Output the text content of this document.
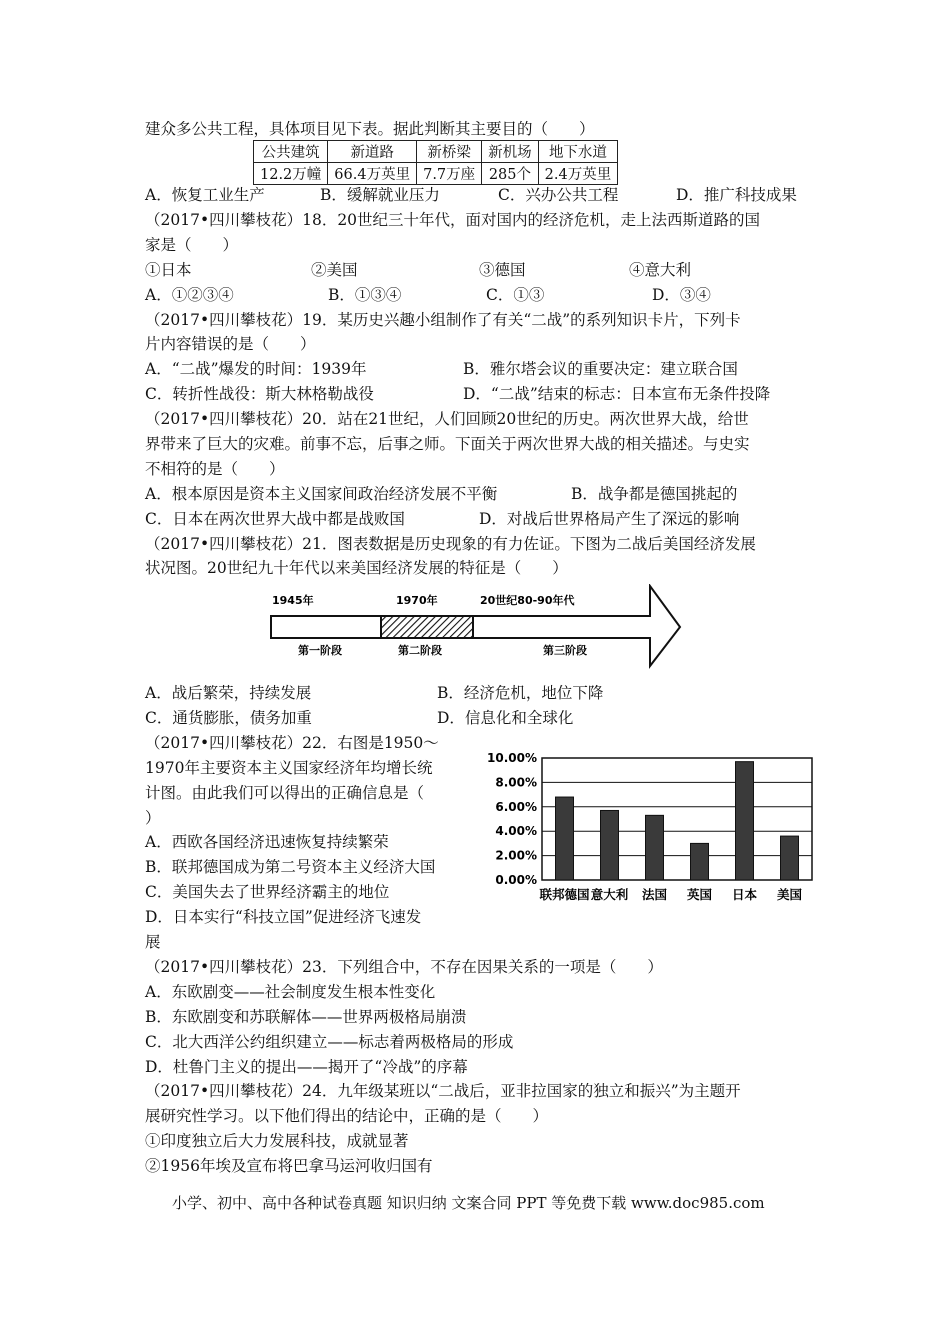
建众多公共工程，具体项目见下表。据此判断其主要目的（　　）
公共建筑	新道路	新桥梁	新机场	地下水道
12.2万幢	66.4万英里	7.7万座	285个	2.4万英里
A．恢复工业生产	B．缓解就业压力	C．兴办公共工程	D．推广科技成果
（2017•四川攀枝花）18．20世纪三十年代，面对国内的经济危机，走上法西斯道路的国
家是（　　）
①日本	②美国	③德国	④意大利
A．①②③④	B．①③④	C．①③	D．③④
（2017•四川攀枝花）19．某历史兴趣小组制作了有关“二战”的系列知识卡片，下列卡
片内容错误的是（　　）
A．“二战”爆发的时间：1939年	B．雅尔塔会议的重要决定：建立联合国
C．转折性战役：斯大林格勒战役	D．“二战”结束的标志：日本宣布无条件投降
（2017•四川攀枝花）20．站在21世纪，人们回顾20世纪的历史。两次世界大战，给世
界带来了巨大的灾难。前事不忘，后事之师。下面关于两次世界大战的相关描述。与史实
不相符的是（　　）
A．根本原因是资本主义国家间政治经济发展不平衡	B．战争都是德国挑起的
C．日本在两次世界大战中都是战败国	D．对战后世界格局产生了深远的影响
（2017•四川攀枝花）21．图表数据是历史现象的有力佐证。下图为二战后美国经济发展
状况图。20世纪九十年代以来美国经济发展的特征是（　　）
1945年	1970年	20世纪80-90年代
第一阶段	第二阶段	第三阶段
A．战后繁荣，持续发展	B．经济危机，地位下降
C．通货膨胀，债务加重	D．信息化和全球化
（2017•四川攀枝花）22．右图是1950～
1970年主要资本主义国家经济年均增长统
计图。由此我们可以得出的正确信息是（
）
A．西欧各国经济迅速恢复持续繁荣
B．联邦德国成为第二号资本主义经济大国
C．美国失去了世界经济霸主的地位
D．日本实行“科技立国”促进经济飞速发
展
0.00%
2.00%
4.00%
6.00%
8.00%
10.00%
联邦德国 意大利 法国 英国 日本 美国
（2017•四川攀枝花）23．下列组合中，不存在因果关系的一项是（　　）
A．东欧剧变——社会制度发生根本性变化
B．东欧剧变和苏联解体——世界两极格局崩溃
C．北大西洋公约组织建立——标志着两极格局的形成
D．杜鲁门主义的提出——揭开了“冷战”的序幕
（2017•四川攀枝花）24．九年级某班以“二战后，亚非拉国家的独立和振兴”为主题开
展研究性学习。以下他们得出的结论中，正确的是（　　）
①印度独立后大力发展科技，成就显著
②1956年埃及宣布将巴拿马运河收归国有
小学、初中、高中各种试卷真题 知识归纳 文案合同 PPT 等免费下载 www.doc985.com
